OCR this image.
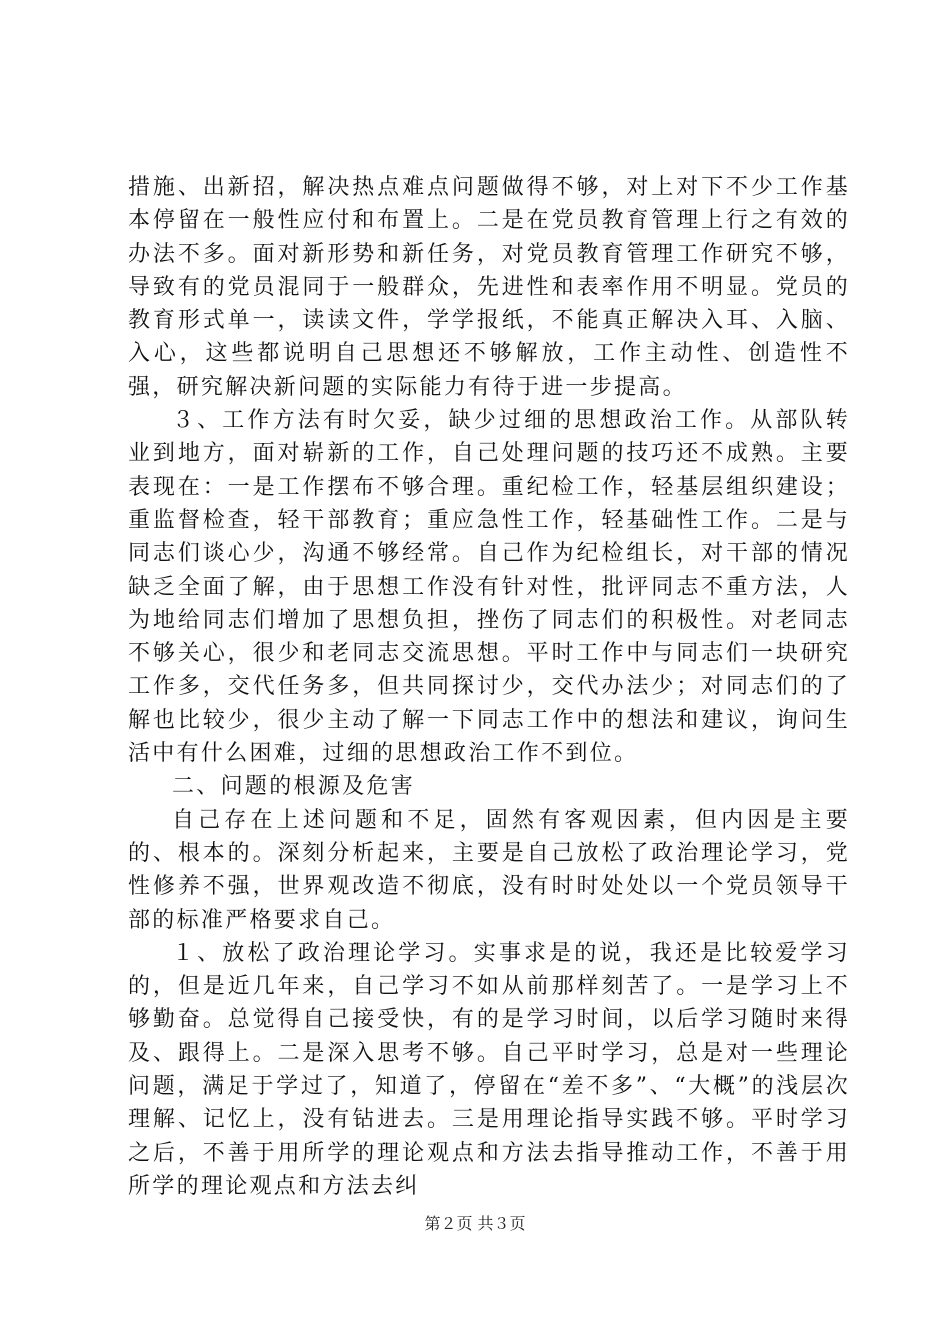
措施、出新招，解决热点难点问题做得不够，对上对下不少工作基本停留在一般性应付和布置上。二是在党员教育管理上行之有效的办法不多。面对新形势和新任务，对党员教育管理工作研究不够，导致有的党员混同于一般群众，先进性和表率作用不明显。党员的教育形式单一，读读文件，学学报纸，不能真正解决入耳、入脑、入心，这些都说明自己思想还不够解放，工作主动性、创造性不强，研究解决新问题的实际能力有待于进一步提高。

３、工作方法有时欠妥，缺少过细的思想政治工作。从部队转业到地方，面对崭新的工作，自己处理问题的技巧还不成熟。主要表现在：一是工作摆布不够合理。重纪检工作，轻基层组织建设；重监督检查，轻干部教育；重应急性工作，轻基础性工作。二是与同志们谈心少，沟通不够经常。自己作为纪检组长，对干部的情况缺乏全面了解，由于思想工作没有针对性，批评同志不重方法，人为地给同志们增加了思想负担，挫伤了同志们的积极性。对老同志不够关心，很少和老同志交流思想。平时工作中与同志们一块研究工作多，交代任务多，但共同探讨少，交代办法少；对同志们的了解也比较少，很少主动了解一下同志工作中的想法和建议，询问生活中有什么困难，过细的思想政治工作不到位。

二、问题的根源及危害

自己存在上述问题和不足，固然有客观因素，但内因是主要的、根本的。深刻分析起来，主要是自己放松了政治理论学习，党性修养不强，世界观改造不彻底，没有时时处处以一个党员领导干部的标准严格要求自己。

１、放松了政治理论学习。实事求是的说，我还是比较爱学习的，但是近几年来，自己学习不如从前那样刻苦了。一是学习上不够勤奋。总觉得自己接受快，有的是学习时间，以后学习随时来得及、跟得上。二是深入思考不够。自己平时学习，总是对一些理论问题，满足于学过了，知道了，停留在“差不多”、“大概”的浅层次理解、记忆上，没有钻进去。三是用理论指导实践不够。平时学习之后，不善于用所学的理论观点和方法去指导推动工作，不善于用所学的理论观点和方法去纠

第２页 共３页
